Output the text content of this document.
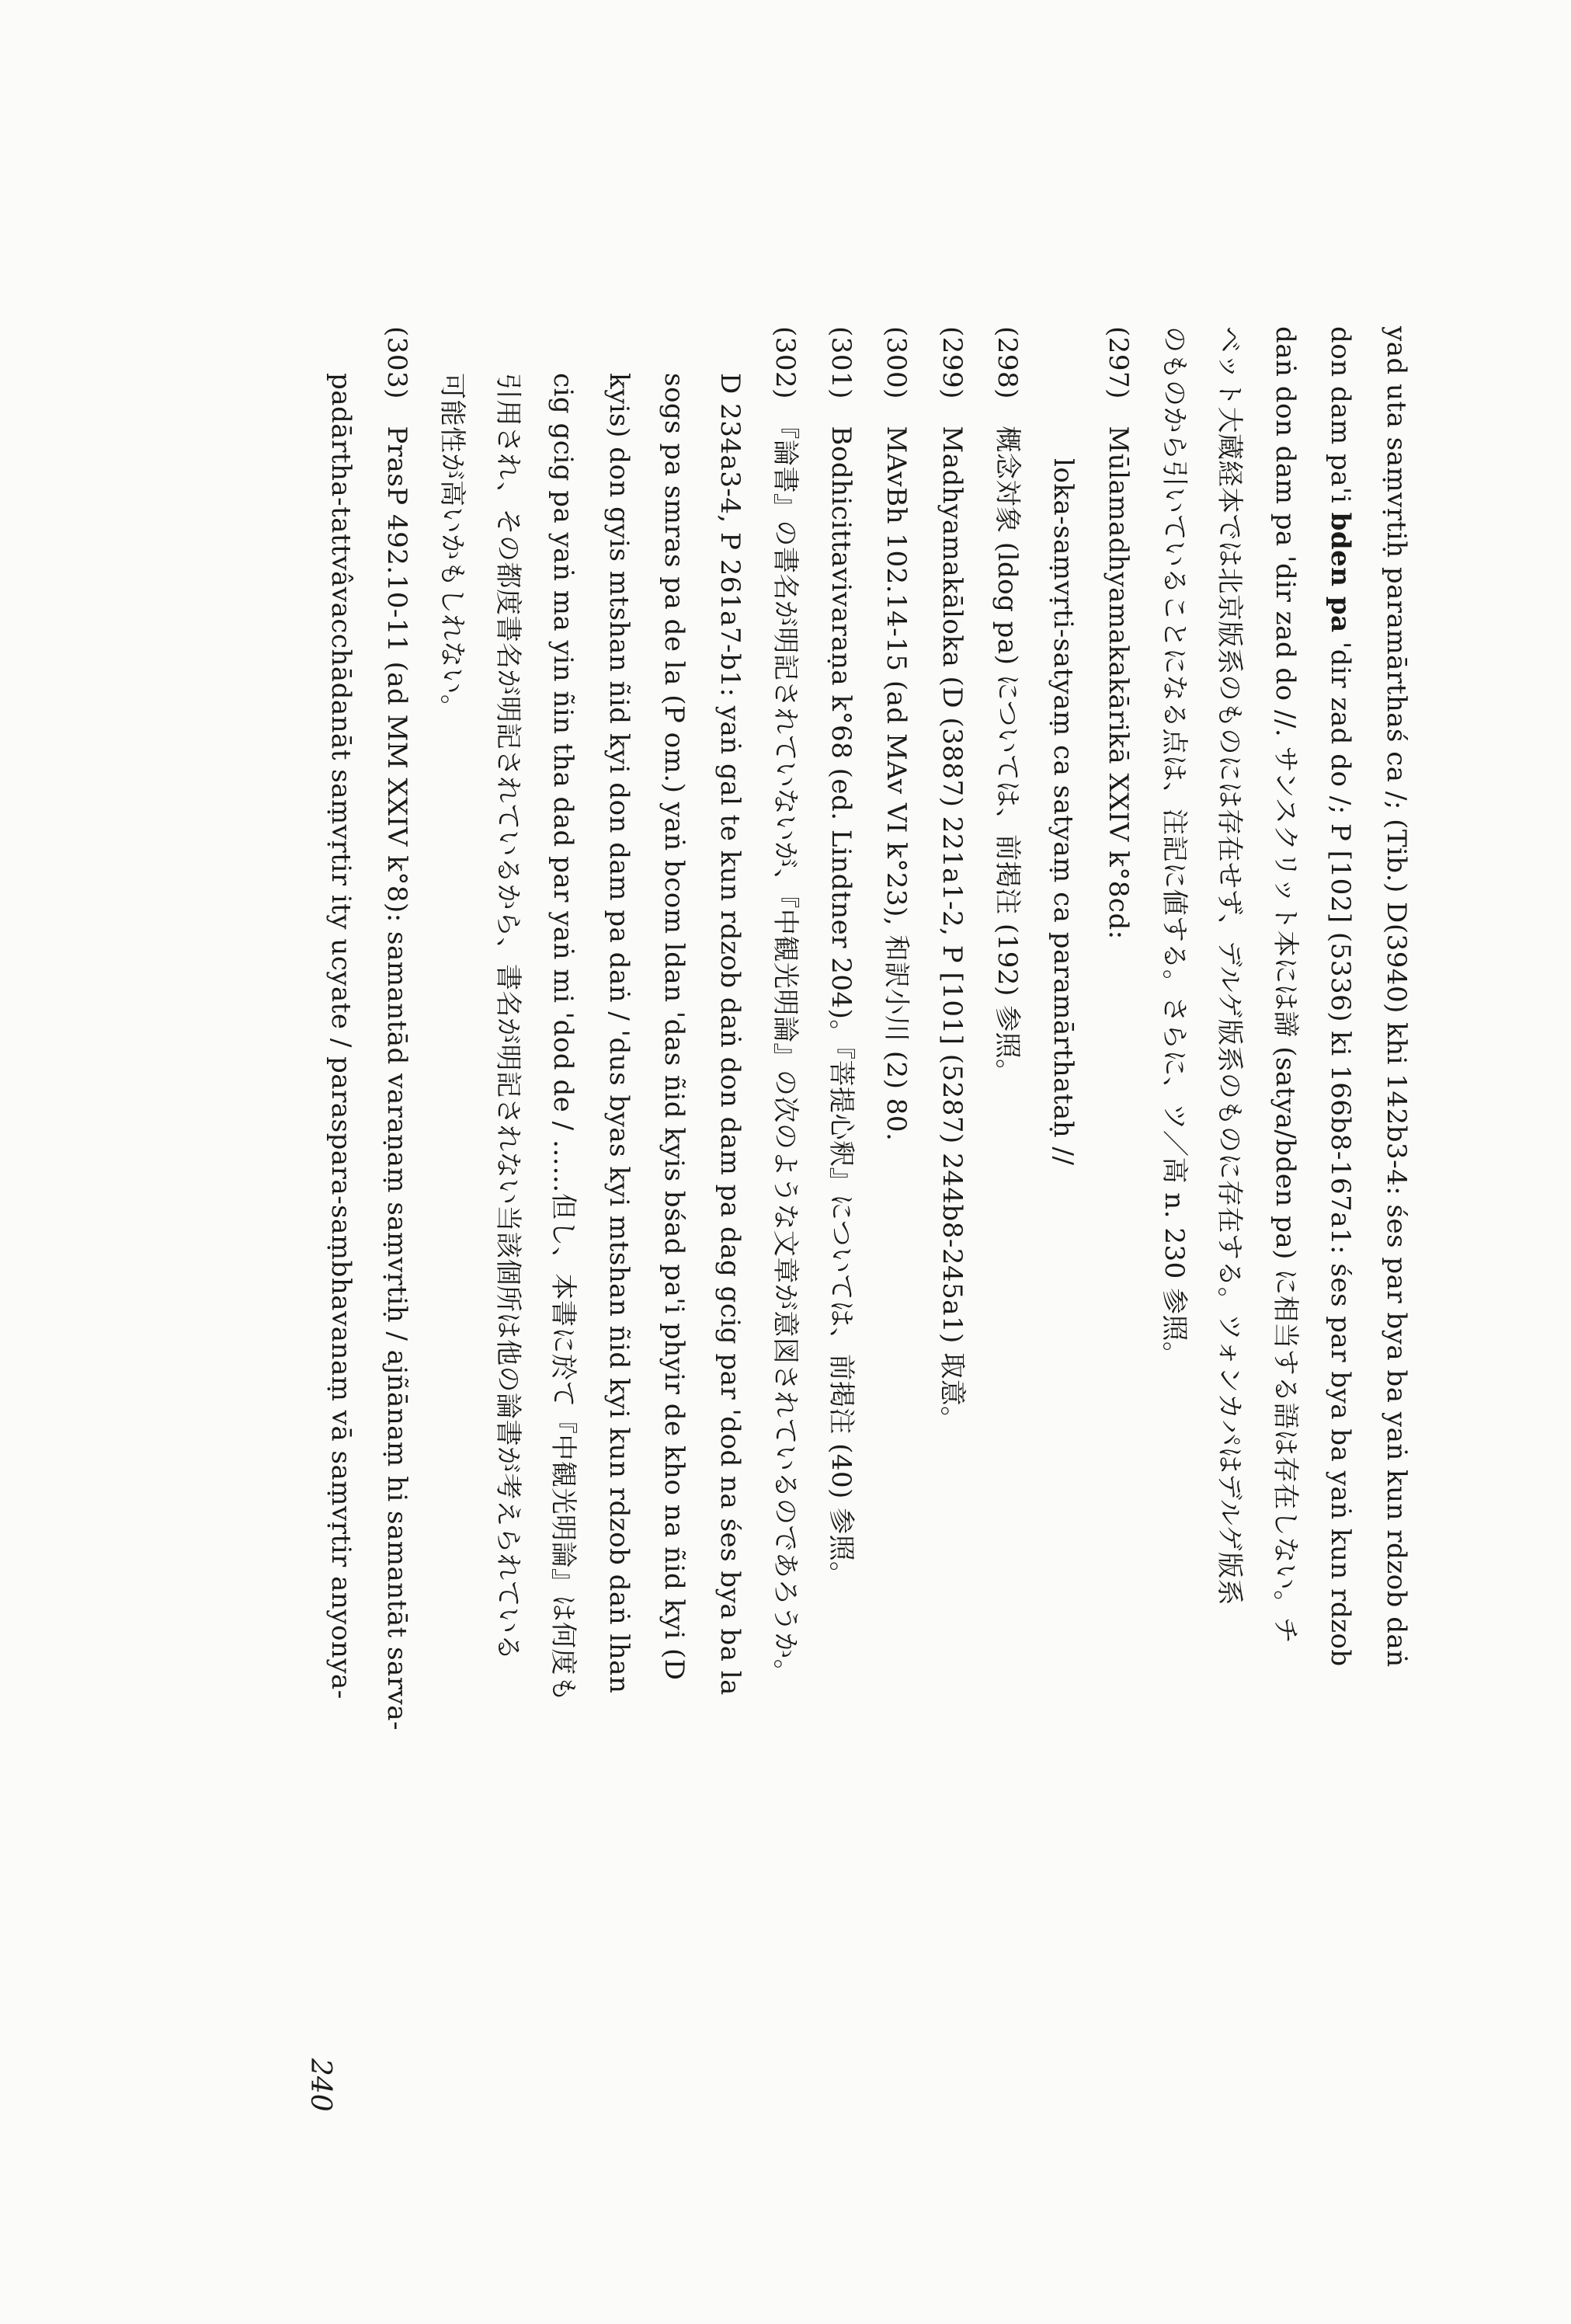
240
yad uta saṃvṛtiḥ paramārthaś ca /; (Tib.) D(3940) khi 142b3-4: śes par bya ba yaṅ kun rdzob daṅ
don dam pa'i bden pa 'dir zad do /; P [102] (5336) ki 166b8-167a1: śes par bya ba yaṅ kun rdzob
daṅ don dam pa 'dir zad do //. サンスクリット本には諦 (satya/bden pa) に相当する語は存在しない。チ
ベット大蔵経本では北京版系のものには存在せず、デルゲ版系のものに存在する。ツォンカパはデルゲ版系
のものから引いていることになる点は、注記に値する。さらに、ツ／高 n. 230 参照。
(297)　Mūlamadhyamakakārikā XXIV k°8cd:
loka-saṃvṛti-satyaṃ ca satyaṃ ca paramārthataḥ //
(298)　概念対象 (ldog pa) については、前掲注 (192) 参照。
(299)　Madhyamakāloka (D (3887) 221a1-2, P [101] (5287) 244b8-245a1) 取意。
(300)　MAvBh 102.14-15 (ad MAv VI k°23), 和訳小川 (2) 80.
(301)　Bodhicittavivaraṇa k°68 (ed. Lindtner 204)。『菩提心釈』については、前掲注 (40) 参照。
(302)　『論書』の書名が明記されていないが、『中観光明論』の次のような文章が意図されているのであろうか。
D 234a3-4, P 261a7-b1: yaṅ gal te kun rdzob daṅ don dam pa dag gcig par 'dod na śes bya ba la
sogs pa smras pa de la (P om.) yaṅ bcom ldan 'das ñid kyis bśad pa'i phyir de kho na ñid kyi (D
kyis) don gyis mtshan ñid kyi don dam pa daṅ / 'dus byas kyi mtshan ñid kyi kun rdzob daṅ lhan
cig gcig pa yaṅ ma yin ñin tha dad par yaṅ mi 'dod de / ……但し、本書に於て『中観光明論』は何度も
引用され、その都度書名が明記されているから、書名が明記されない当該個所は他の論書が考えられている
可能性が高いかもしれない。
(303)　PrasP 492.10-11 (ad MM XXIV k°8): samantād varaṇaṃ saṃvṛtiḥ / ajñānaṃ hi samantāt sarva-
padārtha-tattvâvacchādanāt saṃvṛtir ity ucyate / paraspara-saṃbhavanaṃ vā saṃvṛtir anyonya-
